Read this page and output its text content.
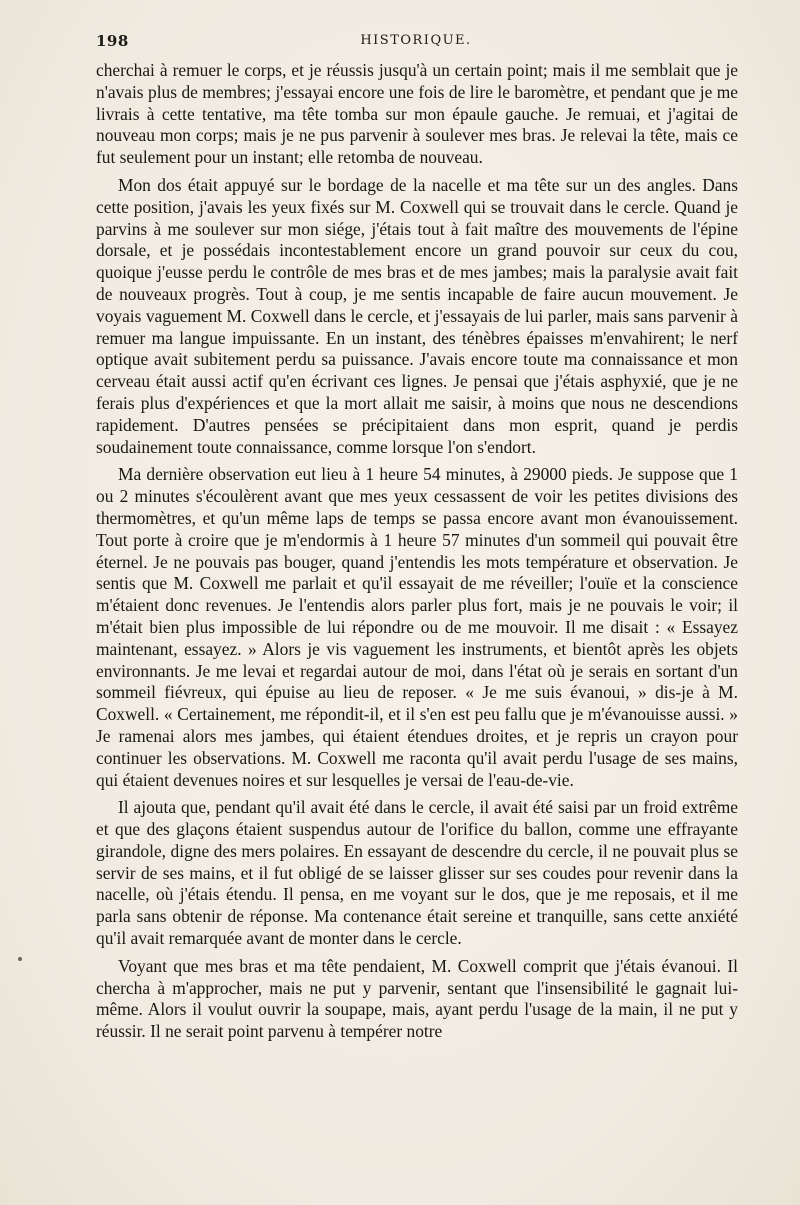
198	HISTORIQUE.

cherchai à remuer le corps, et je réussis jusqu'à un certain point; mais il me semblait que je n'avais plus de membres; j'essayai encore une fois de lire le baromètre, et pendant que je me livrais à cette tentative, ma tête tomba sur mon épaule gauche. Je remuai, et j'agitai de nouveau mon corps; mais je ne pus parvenir à soulever mes bras. Je relevai la tête, mais ce fut seulement pour un instant; elle retomba de nouveau.

Mon dos était appuyé sur le bordage de la nacelle et ma tête sur un des angles. Dans cette position, j'avais les yeux fixés sur M. Coxwell qui se trouvait dans le cercle. Quand je parvins à me soulever sur mon siége, j'étais tout à fait maître des mouvements de l'épine dorsale, et je possédais incontestablement encore un grand pouvoir sur ceux du cou, quoique j'eusse perdu le contrôle de mes bras et de mes jambes; mais la paralysie avait fait de nouveaux progrès. Tout à coup, je me sentis incapable de faire aucun mouvement. Je voyais vaguement M. Coxwell dans le cercle, et j'essayais de lui parler, mais sans parvenir à remuer ma langue impuissante. En un instant, des ténèbres épaisses m'envahirent; le nerf optique avait subitement perdu sa puissance. J'avais encore toute ma connaissance et mon cerveau était aussi actif qu'en écrivant ces lignes. Je pensai que j'étais asphyxié, que je ne ferais plus d'expériences et que la mort allait me saisir, à moins que nous ne descendions rapidement. D'autres pensées se précipitaient dans mon esprit, quand je perdis soudainement toute connaissance, comme lorsque l'on s'endort.

Ma dernière observation eut lieu à 1 heure 54 minutes, à 29000 pieds. Je suppose que 1 ou 2 minutes s'écoulèrent avant que mes yeux cessassent de voir les petites divisions des thermomètres, et qu'un même laps de temps se passa encore avant mon évanouissement. Tout porte à croire que je m'endormis à 1 heure 57 minutes d'un sommeil qui pouvait être éternel. Je ne pouvais pas bouger, quand j'entendis les mots température et observation. Je sentis que M. Coxwell me parlait et qu'il essayait de me réveiller; l'ouïe et la conscience m'étaient donc revenues. Je l'entendis alors parler plus fort, mais je ne pouvais le voir; il m'était bien plus impossible de lui répondre ou de me mouvoir. Il me disait : « Essayez maintenant, essayez. » Alors je vis vaguement les instruments, et bientôt après les objets environnants. Je me levai et regardai autour de moi, dans l'état où je serais en sortant d'un sommeil fiévreux, qui épuise au lieu de reposer. « Je me suis évanoui, » dis-je à M. Coxwell. « Certainement, me répondit-il, et il s'en est peu fallu que je m'évanouisse aussi. » Je ramenai alors mes jambes, qui étaient étendues droites, et je repris un crayon pour continuer les observations. M. Coxwell me raconta qu'il avait perdu l'usage de ses mains, qui étaient devenues noires et sur lesquelles je versai de l'eau-de-vie.

Il ajouta que, pendant qu'il avait été dans le cercle, il avait été saisi par un froid extrême et que des glaçons étaient suspendus autour de l'orifice du ballon, comme une effrayante girandole, digne des mers polaires. En essayant de descendre du cercle, il ne pouvait plus se servir de ses mains, et il fut obligé de se laisser glisser sur ses coudes pour revenir dans la nacelle, où j'étais étendu. Il pensa, en me voyant sur le dos, que je me reposais, et il me parla sans obtenir de réponse. Ma contenance était sereine et tranquille, sans cette anxiété qu'il avait remarquée avant de monter dans le cercle.

Voyant que mes bras et ma tête pendaient, M. Coxwell comprit que j'étais évanoui. Il chercha à m'approcher, mais ne put y parvenir, sentant que l'insensibilité le gagnait lui-même. Alors il voulut ouvrir la soupape, mais, ayant perdu l'usage de la main, il ne put y réussir. Il ne serait point parvenu à tempérer notre
